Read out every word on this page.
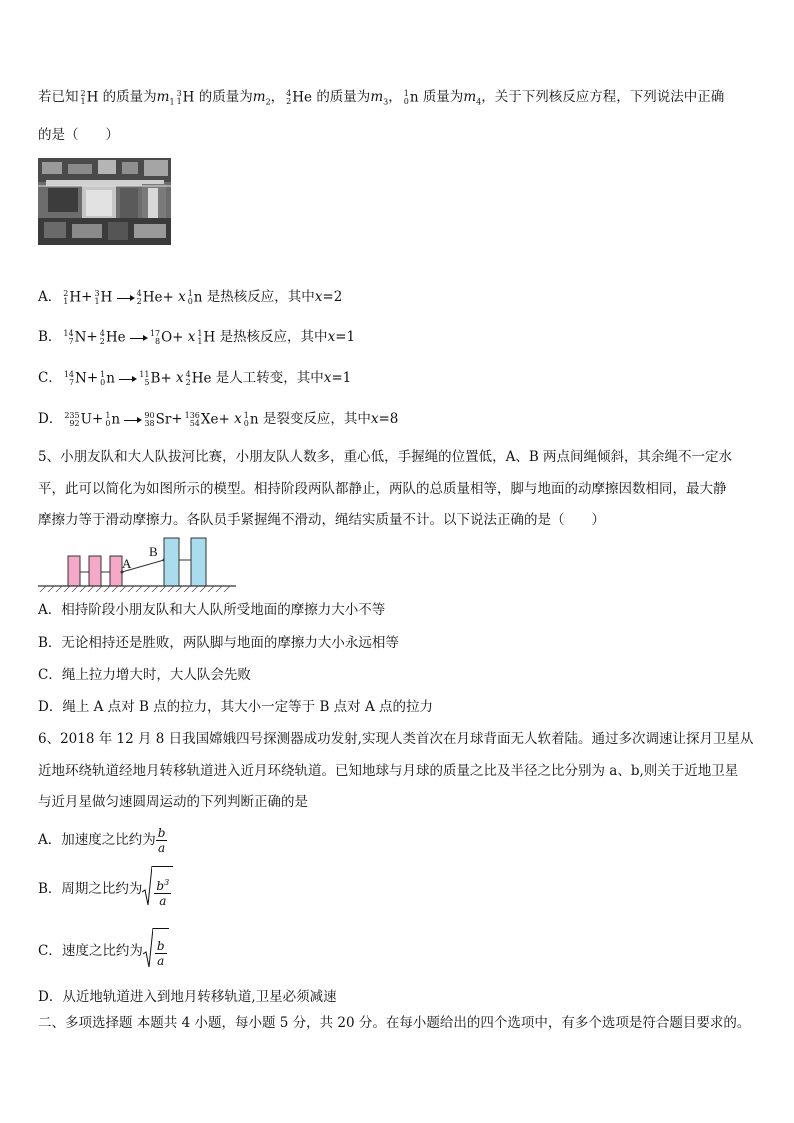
若已知 2
1 H 的质量为$m_1$
3
1 H 的质量为$m_2$， 4
2 He 的质量为$m_3$， 1
0 n 质量为$m_4$，关于下列核反应方程，下列说法中正确
的是（　　）
A． 2
1 H+ 3
1 H	4
2 He+ x 1
0 n 是热核反应，其中x=2
B． 14
7 N+ 4
2 He	17
8 O+ x 1
1 H 是热核反应，其中x=1
C． 14
7 N+ 1
0 n	11
5 B+ x 4
2 He 是人工转变，其中x=1
D． 235
92 U+ 1
0 n	90
38 Sr+ 136
54 Xe+ x 1
0 n 是裂变反应，其中x=8
5、小朋友队和大人队拔河比赛，小朋友队人数多，重心低，手握绳的位置低，A、B 两点间绳倾斜，其余绳不一定水
平，此可以简化为如图所示的模型。相持阶段两队都静止，两队的总质量相等，脚与地面的动摩擦因数相同，最大静
摩擦力等于滑动摩擦力。各队员手紧握绳不滑动，绳结实质量不计。以下说法正确的是（　　）
A
B
A．相持阶段小朋友队和大人队所受地面的摩擦力大小不等
B．无论相持还是胜败，两队脚与地面的摩擦力大小永远相等
C．绳上拉力增大时，大人队会先败
D．绳上 A 点对 B 点的拉力，其大小一定等于 B 点对 A 点的拉力
6、2018 年 12 月 8 日我国嫦娥四号探测器成功发射,实现人类首次在月球背面无人软着陆。通过多次调速让探月卫星从
近地环绕轨道经地月转移轨道进入近月环绕轨道。已知地球与月球的质量之比及半径之比分别为 a、b,则关于近地卫星
与近月星做匀速圆周运动的下列判断正确的是
A．加速度之比约为 $\frac{b}{a}$
B．周期之比约为 $\frac{b^3}{a}$
C．速度之比约为 $\frac{b}{a}$
D．从近地轨道进入到地月转移轨道,卫星必须减速
二、多项选择题 本题共 4 小题，每小题 5 分，共 20 分。在每小题给出的四个选项中，有多个选项是符合题目要求的。
